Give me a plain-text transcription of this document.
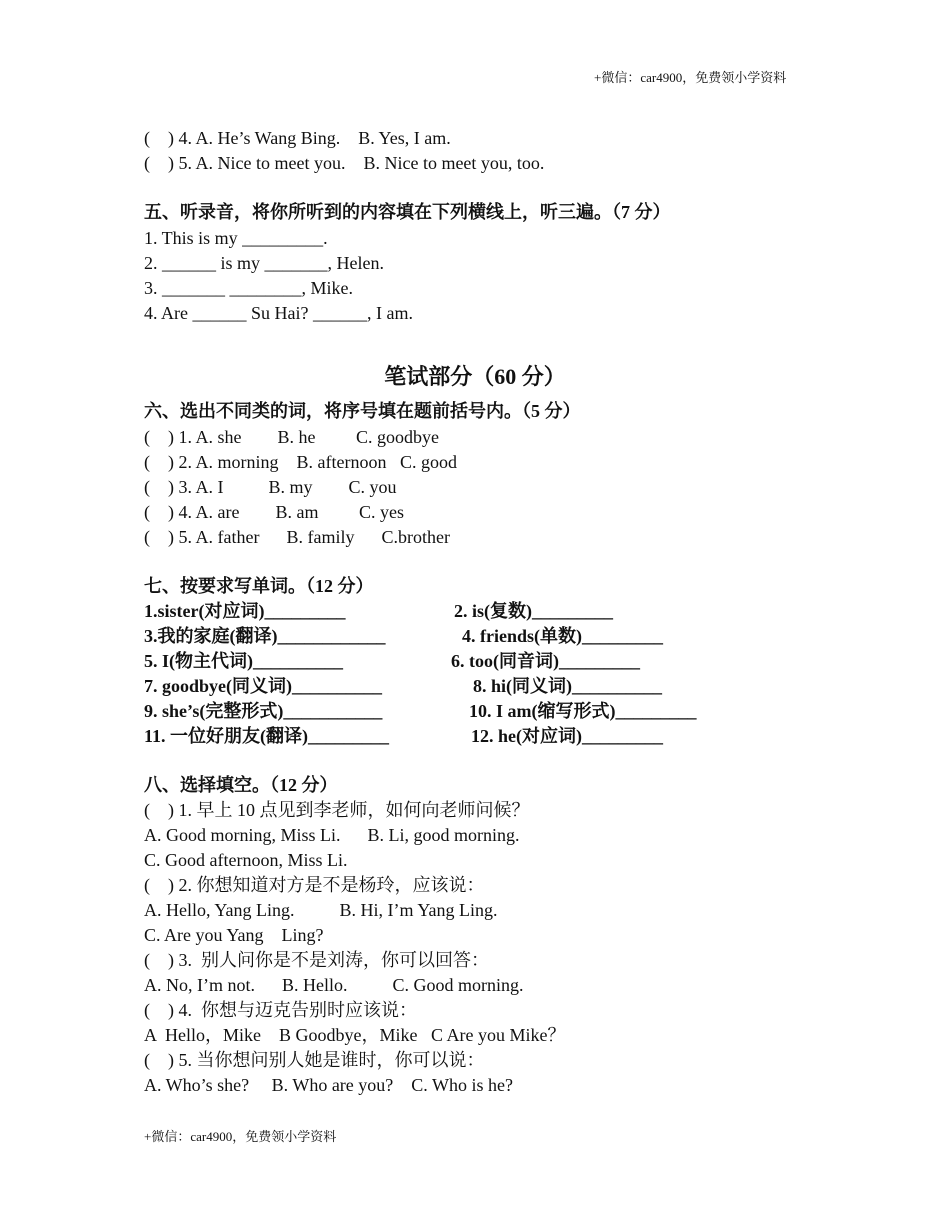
+微信：car4900，免费领小学资料
(    ) 4. A. He’s Wang Bing.    B. Yes, I am.
(    ) 5. A. Nice to meet you.    B. Nice to meet you, too.
五、听录音，将你所听到的内容填在下列横线上，听三遍。（7 分）
1. This is my _________.
2. ______ is my _______, Helen.
3. _______ ________, Mike.
4. Are ______ Su Hai? ______, I am.
笔试部分（60 分）
六、选出不同类的词，将序号填在题前括号内。（5 分）
(    ) 1. A. she        B. he         C. goodbye
(    ) 2. A. morning    B. afternoon   C. good
(    ) 3. A. I          B. my        C. you
(    ) 4. A. are        B. am         C. yes
(    ) 5. A. father      B. family      C.brother
七、按要求写单词。（12 分）
1.sister(对应词)_________	2. is(复数)_________
3.我的家庭(翻译)____________	4. friends(单数)_________
5. I(物主代词)__________	6. too(同音词)_________
7. goodbye(同义词)__________	8. hi(同义词)__________
9. she’s(完整形式)___________	10. I am(缩写形式)_________
11. 一位好朋友(翻译)_________	12. he(对应词)_________
八、选择填空。（12 分）
(    ) 1. 早上 10 点见到李老师，如何向老师问候？
A. Good morning, Miss Li.      B. Li, good morning.
C. Good afternoon, Miss Li.
(    ) 2. 你想知道对方是不是杨玲，应该说：
A. Hello, Yang Ling.          B. Hi, I’m Yang Ling.
C. Are you Yang    Ling?
(    ) 3.  别人问你是不是刘涛，你可以回答：
A. No, I’m not.      B. Hello.          C. Good morning.
(    ) 4.  你想与迈克告别时应该说：
A  Hello，Mike    B Goodbye，Mike   C Are you Mike？
(    ) 5. 当你想问别人她是谁时，你可以说：
A. Who’s she?     B. Who are you?    C. Who is he?
+微信：car4900，免费领小学资料
